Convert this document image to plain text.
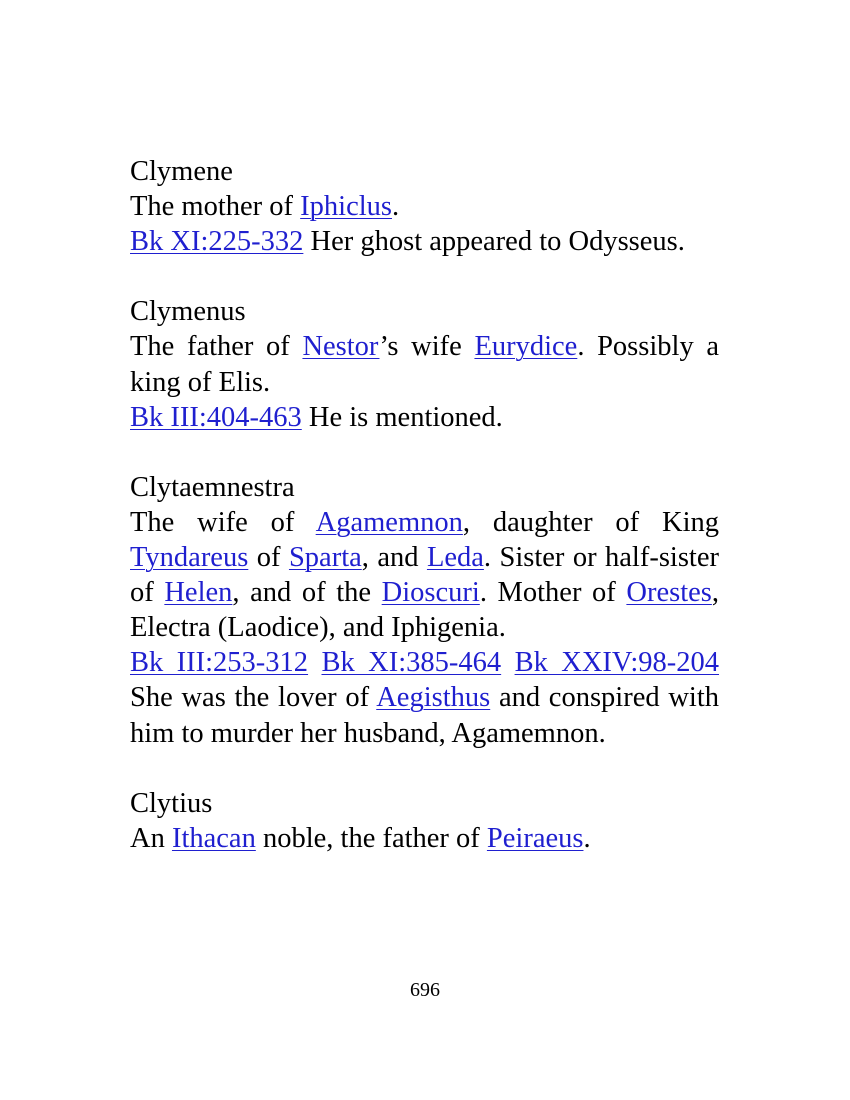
Clymene

The mother of Iphiclus.

Bk XI:225-332 Her ghost appeared to Odysseus.

Clymenus

The father of Nestor’s wife Eurydice. Possibly a king of Elis.

Bk III:404-463 He is mentioned.

Clytaemnestra

The wife of Agamemnon, daughter of King Tyndareus of Sparta, and Leda. Sister or half-sister of Helen, and of the Dioscuri. Mother of Orestes, Electra (Laodice), and Iphigenia.

Bk III:253-312 Bk XI:385-464 Bk XXIV:98-204 She was the lover of Aegisthus and conspired with him to murder her husband, Agamemnon.

Clytius

An Ithacan noble, the father of Peiraeus.

696
